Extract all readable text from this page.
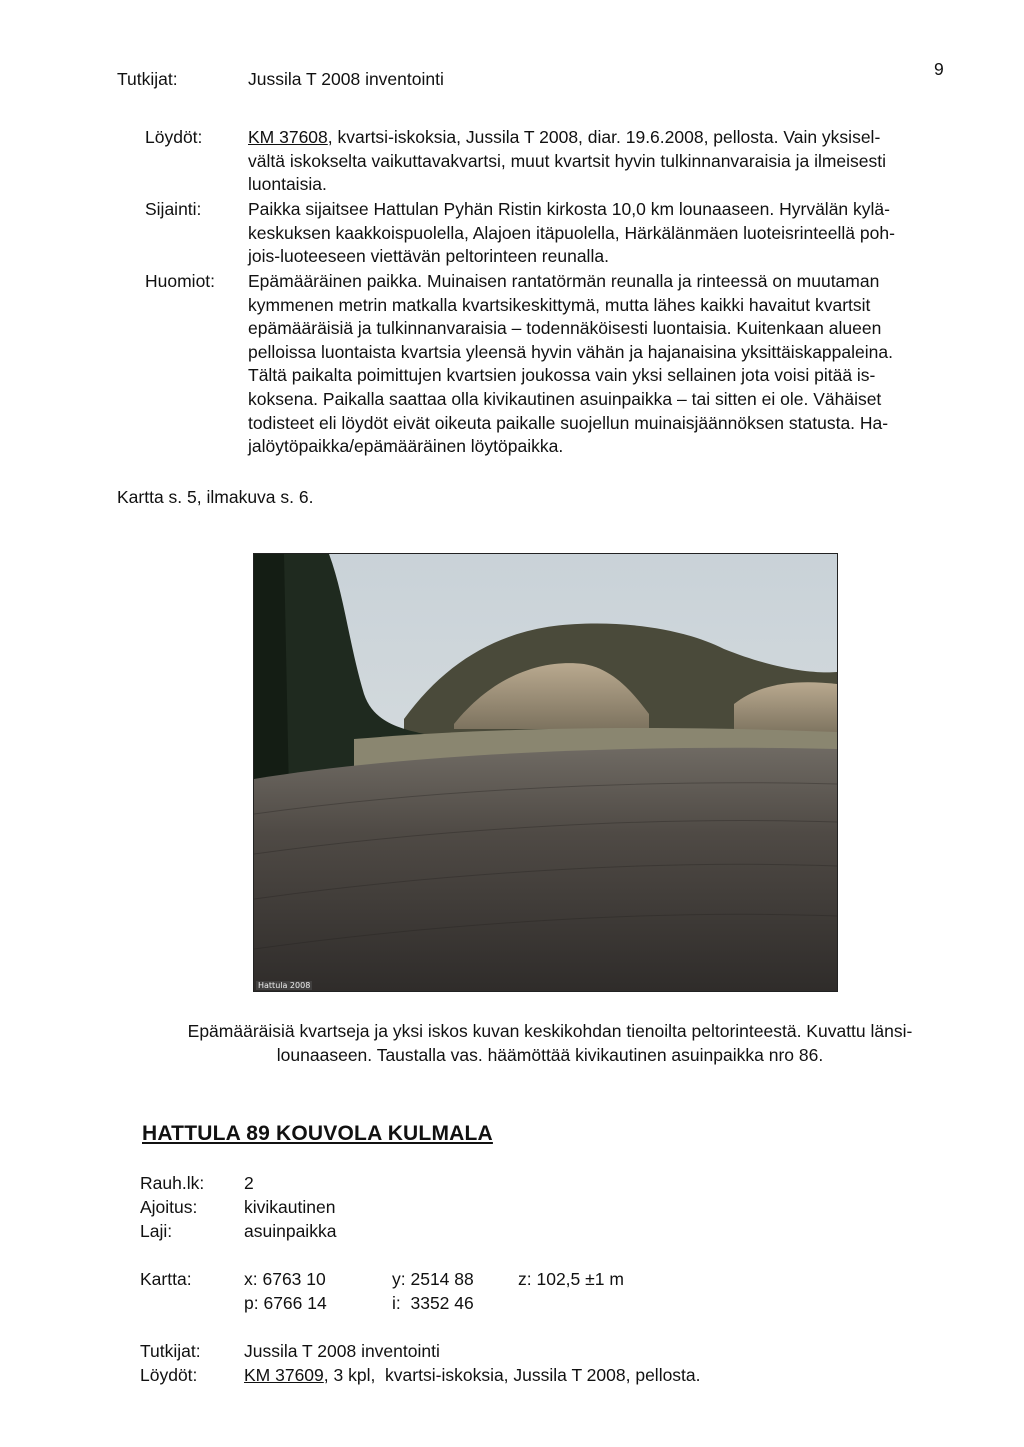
9
Tutkijat:	Jussila T 2008 inventointi
Löydöt:	KM 37608, kvartsi-iskoksia, Jussila T 2008, diar. 19.6.2008, pellosta. Vain yksisel-
vältä iskokselta vaikuttavakvartsi, muut kvartsit hyvin tulkinnanvaraisia ja ilmeisesti
luontaisia.
Sijainti:	Paikka sijaitsee Hattulan Pyhän Ristin kirkosta 10,0 km lounaaseen. Hyrvälän kylä-
keskuksen kaakkoispuolella, Alajoen itäpuolella, Härkälänmäen luoteisrinteellä poh-
jois-luoteeseen viettävän peltorinteen reunalla.
Huomiot: Epämääräinen paikka. Muinaisen rantatörmän reunalla ja rinteessä on muutaman
kymmenen metrin matkalla kvartsikeskittymä, mutta lähes kaikki havaitut kvartsit
epämääräisiä ja tulkinnanvaraisia – todennäköisesti luontaisia. Kuitenkaan alueen
pelloissa luontaista kvartsia yleensä hyvin vähän ja hajanaisina yksittäiskappaleina.
Tältä paikalta poimittujen kvartsien joukossa vain yksi sellainen jota voisi pitää is-
koksena. Paikalla saattaa olla kivikautinen asuinpaikka – tai sitten ei ole. Vähäiset
todisteet eli löydöt eivät oikeuta paikalle suojellun muinaisjäännöksen statusta. Ha-
jalöytöpaikka/epämääräinen löytöpaikka.
Kartta s. 5, ilmakuva s. 6.
Hattula 2008
Epämääräisiä kvartseja ja yksi iskos kuvan keskikohdan tienoilta peltorinteestä. Kuvattu länsi-
lounaaseen. Taustalla vas. häämöttää kivikautinen asuinpaikka nro 86.
HATTULA 89 KOUVOLA KULMALA
Rauh.lk: 2
Ajoitus:	kivikautinen
Laji:	asuinpaikka
Kartta:	x: 6763 10	y: 2514 88	z: 102,5 ±1 m
p: 6766 14	i:  3352 46
Tutkijat: Jussila T 2008 inventointi
Löydöt:	KM 37609, 3 kpl,  kvartsi-iskoksia, Jussila T 2008, pellosta.
